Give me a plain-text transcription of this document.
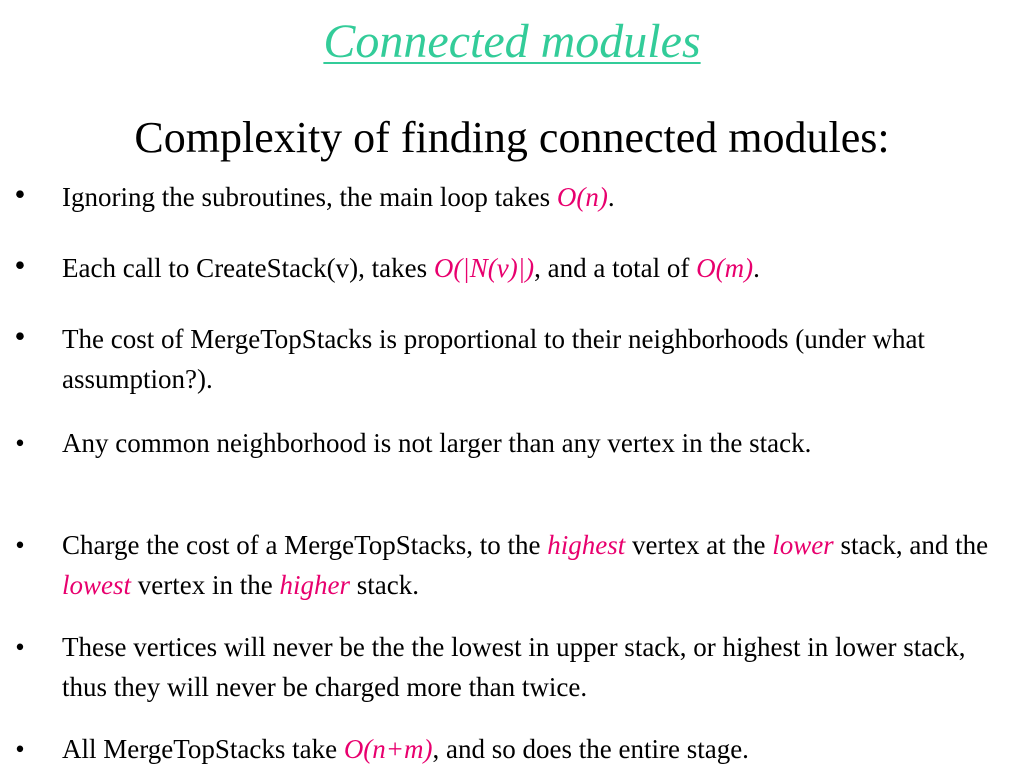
Connected modules
Complexity of finding connected modules:
• Ignoring the subroutines, the main loop takes O(n).
• Each call to CreateStack(v), takes O(|N(v)|), and a total of O(m).
• The cost of MergeTopStacks is proportional to their neighborhoods (under what assumption?).
• Any common neighborhood is not larger than any vertex in the stack.
• Charge the cost of a MergeTopStacks, to the highest vertex at the lower stack, and the lowest vertex in the higher stack.
• These vertices will never be the the lowest in upper stack, or highest in lower stack, thus they will never be charged more than twice.
• All MergeTopStacks take O(n+m), and so does the entire stage.
